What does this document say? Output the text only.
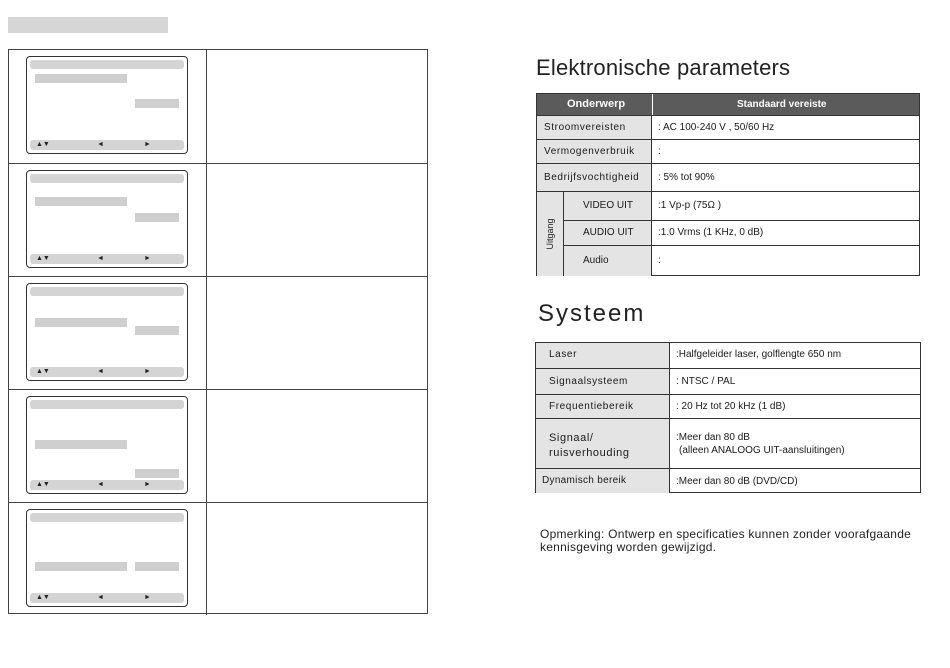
▲▼	◄	►
▲▼	◄	►
▲▼	◄	►
▲▼	◄	►
▲▼	◄	►
Elektronische parameters
Onderwerp	Standaard vereiste
Stroomvereisten	: AC 100-240 V , 50/60 Hz
Vermogenverbruik :
Bedrijfsvochtigheid : 5% tot 90%
Uitgang
VIDEO UIT :1 Vp-p (75Ω )
AUDIO UIT :1.0 Vrms (1 KHz, 0 dB)
Audio	:
Systeem
Laser	:Halfgeleider laser, golflengte 650 nm
Signaalsysteem	: NTSC / PAL
Frequentiebereik	: 20 Hz tot 20 kHz (1 dB)
Signaal/
ruisverhouding
:Meer dan 80 dB
(alleen ANALOOG UIT-aansluitingen)
Dynamisch bereik	:Meer dan 80 dB (DVD/CD)

Opmerking: Ontwerp en specificaties kunnen zonder voorafgaande
kennisgeving worden gewijzigd.
